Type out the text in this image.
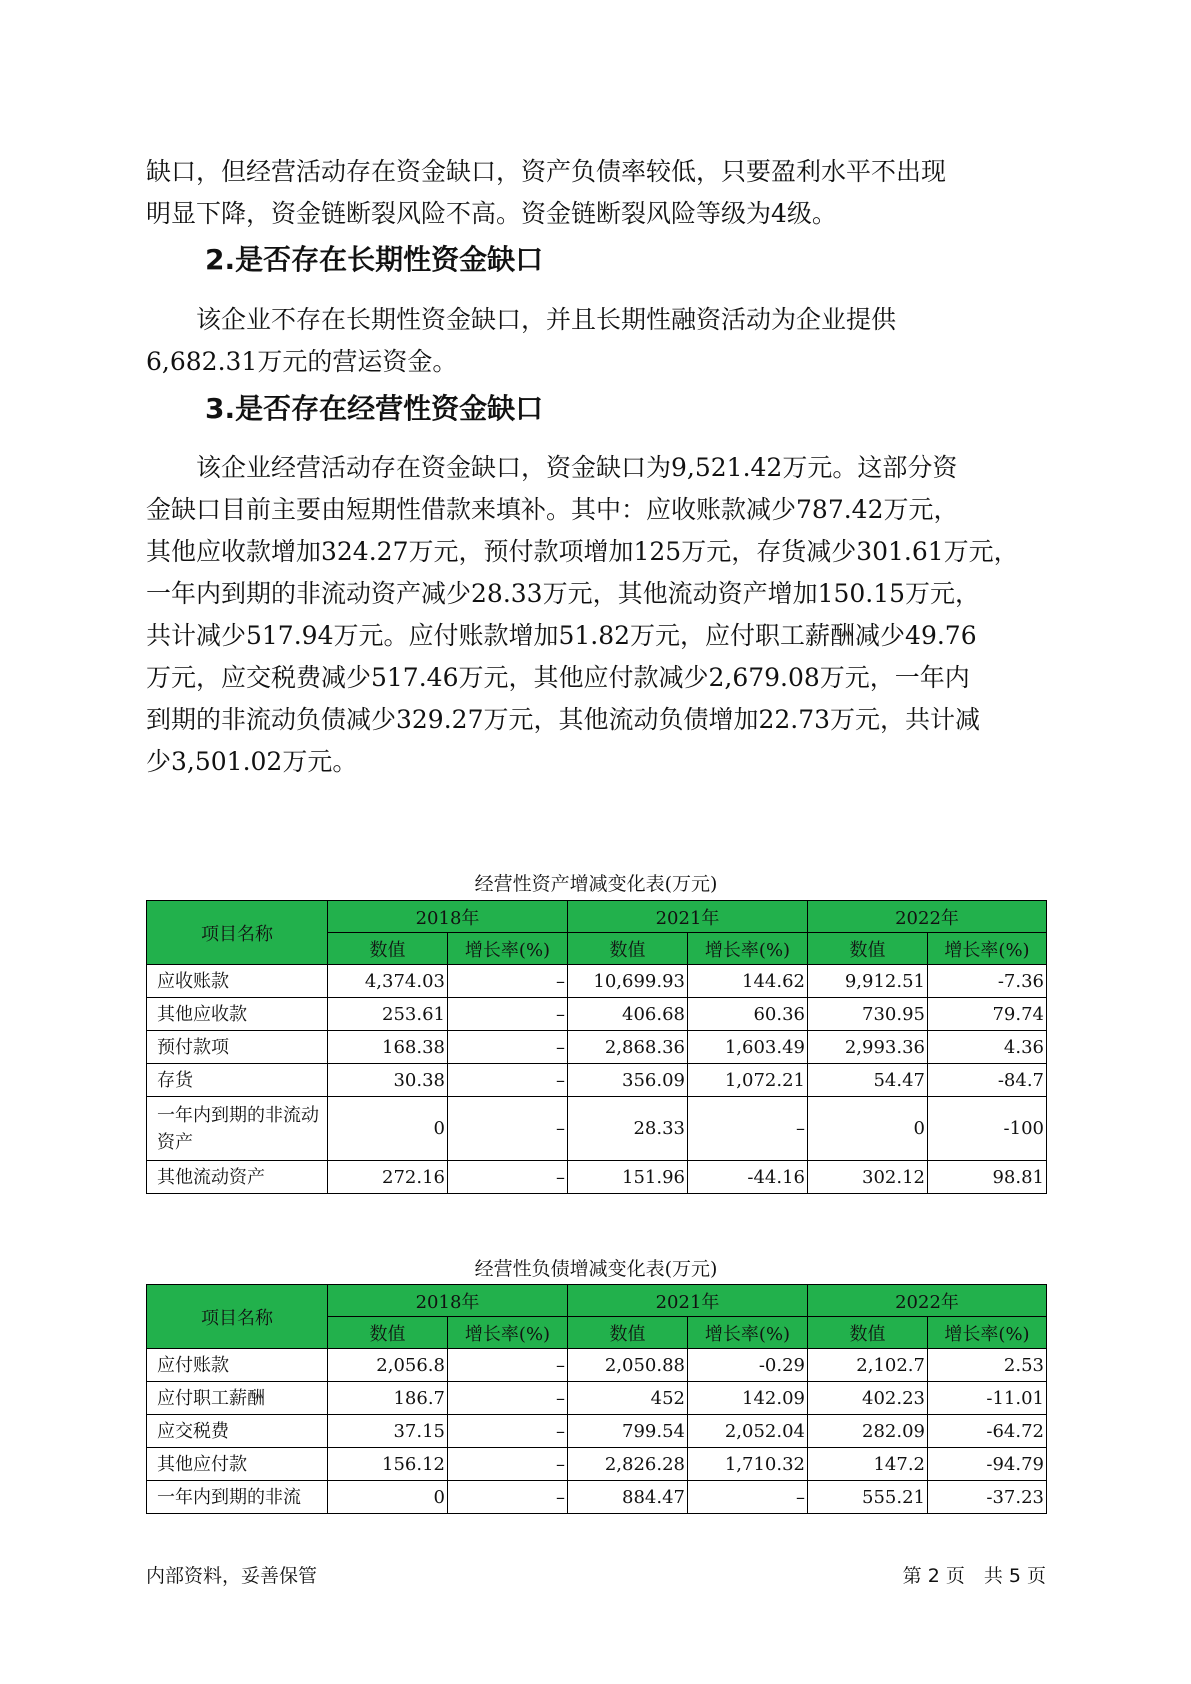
缺口，但经营活动存在资金缺口，资产负债率较低，只要盈利水平不出现
明显下降，资金链断裂风险不高。资金链断裂风险等级为4级。
2.是否存在长期性资金缺口
　　该企业不存在长期性资金缺口，并且长期性融资活动为企业提供
6,682.31万元的营运资金。
3.是否存在经营性资金缺口
　　该企业经营活动存在资金缺口，资金缺口为9,521.42万元。这部分资
金缺口目前主要由短期性借款来填补。其中：应收账款减少787.42万元，
其他应收款增加324.27万元，预付款项增加125万元，存货减少301.61万元，
一年内到期的非流动资产减少28.33万元，其他流动资产增加150.15万元，
共计减少517.94万元。应付账款增加51.82万元，应付职工薪酬减少49.76
万元，应交税费减少517.46万元，其他应付款减少2,679.08万元，一年内
到期的非流动负债减少329.27万元，其他流动负债增加22.73万元，共计减
少3,501.02万元。
经营性资产增减变化表(万元)
项目名称	2018年		2021年		2022年	
	数值	增长率(%)	数值	增长率(%)	数值	增长率(%)
应收账款	4,374.03	–	10,699.93	144.62	9,912.51	-7.36
其他应收款	253.61	–	406.68	60.36	730.95	79.74
预付款项	168.38	–	2,868.36	1,603.49	2,993.36	4.36
存货	30.38	–	356.09	1,072.21	54.47	-84.7
一年内到期的非流动资产	0	–	28.33	–	0	-100
其他流动资产	272.16	–	151.96	-44.16	302.12	98.81
经营性负债增减变化表(万元)
项目名称	2018年		2021年		2022年	
	数值	增长率(%)	数值	增长率(%)	数值	增长率(%)
应付账款	2,056.8	–	2,050.88	-0.29	2,102.7	2.53
应付职工薪酬	186.7	–	452	142.09	402.23	-11.01
应交税费	37.15	–	799.54	2,052.04	282.09	-64.72
其他应付款	156.12	–	2,826.28	1,710.32	147.2	-94.79
一年内到期的非流	0	–	884.47	–	555.21	-37.23
内部资料，妥善保管	第 2 页　共 5 页
